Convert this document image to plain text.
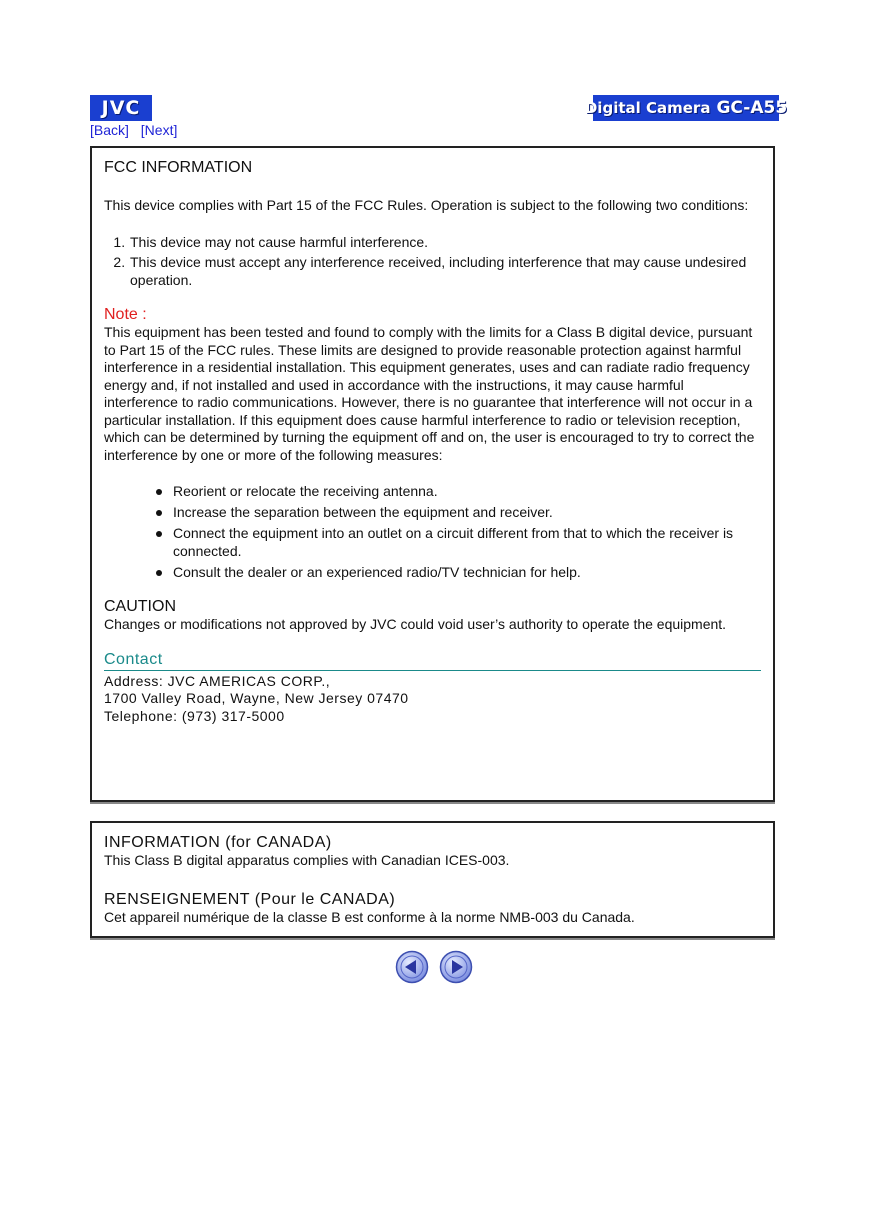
JVC	Digital Camera GC-A55
[Back] [Next]
FCC INFORMATION

This device complies with Part 15 of the FCC Rules. Operation is subject to the following two conditions:

1. This device may not cause harmful interference.
2. This device must accept any interference received, including interference that may cause undesired operation.
Note :

This equipment has been tested and found to comply with the limits for a Class B digital device, pursuant to Part 15 of the FCC rules. These limits are designed to provide reasonable protection against harmful interference in a residential installation. This equipment generates, uses and can radiate radio frequency energy and, if not installed and used in accordance with the instructions, it may cause harmful interference to radio communications. However, there is no guarantee that interference will not occur in a particular installation. If this equipment does cause harmful interference to radio or television reception, which can be determined by turning the equipment off and on, the user is encouraged to try to correct the interference by one or more of the following measures:

Reorient or relocate the receiving antenna.
Increase the separation between the equipment and receiver.
Connect the equipment into an outlet on a circuit different from that to which the receiver is connected.
Consult the dealer or an experienced radio/TV technician for help.
CAUTION

Changes or modifications not approved by JVC could void user’s authority to operate the equipment.

Contact
Address: JVC AMERICAS CORP.,
1700 Valley Road, Wayne, New Jersey 07470
Telephone: (973) 317-5000
INFORMATION (for CANADA)

This Class B digital apparatus complies with Canadian ICES-003.

RENSEIGNEMENT (Pour le CANADA)

Cet appareil numérique de la classe B est conforme à la norme NMB-003 du Canada.
